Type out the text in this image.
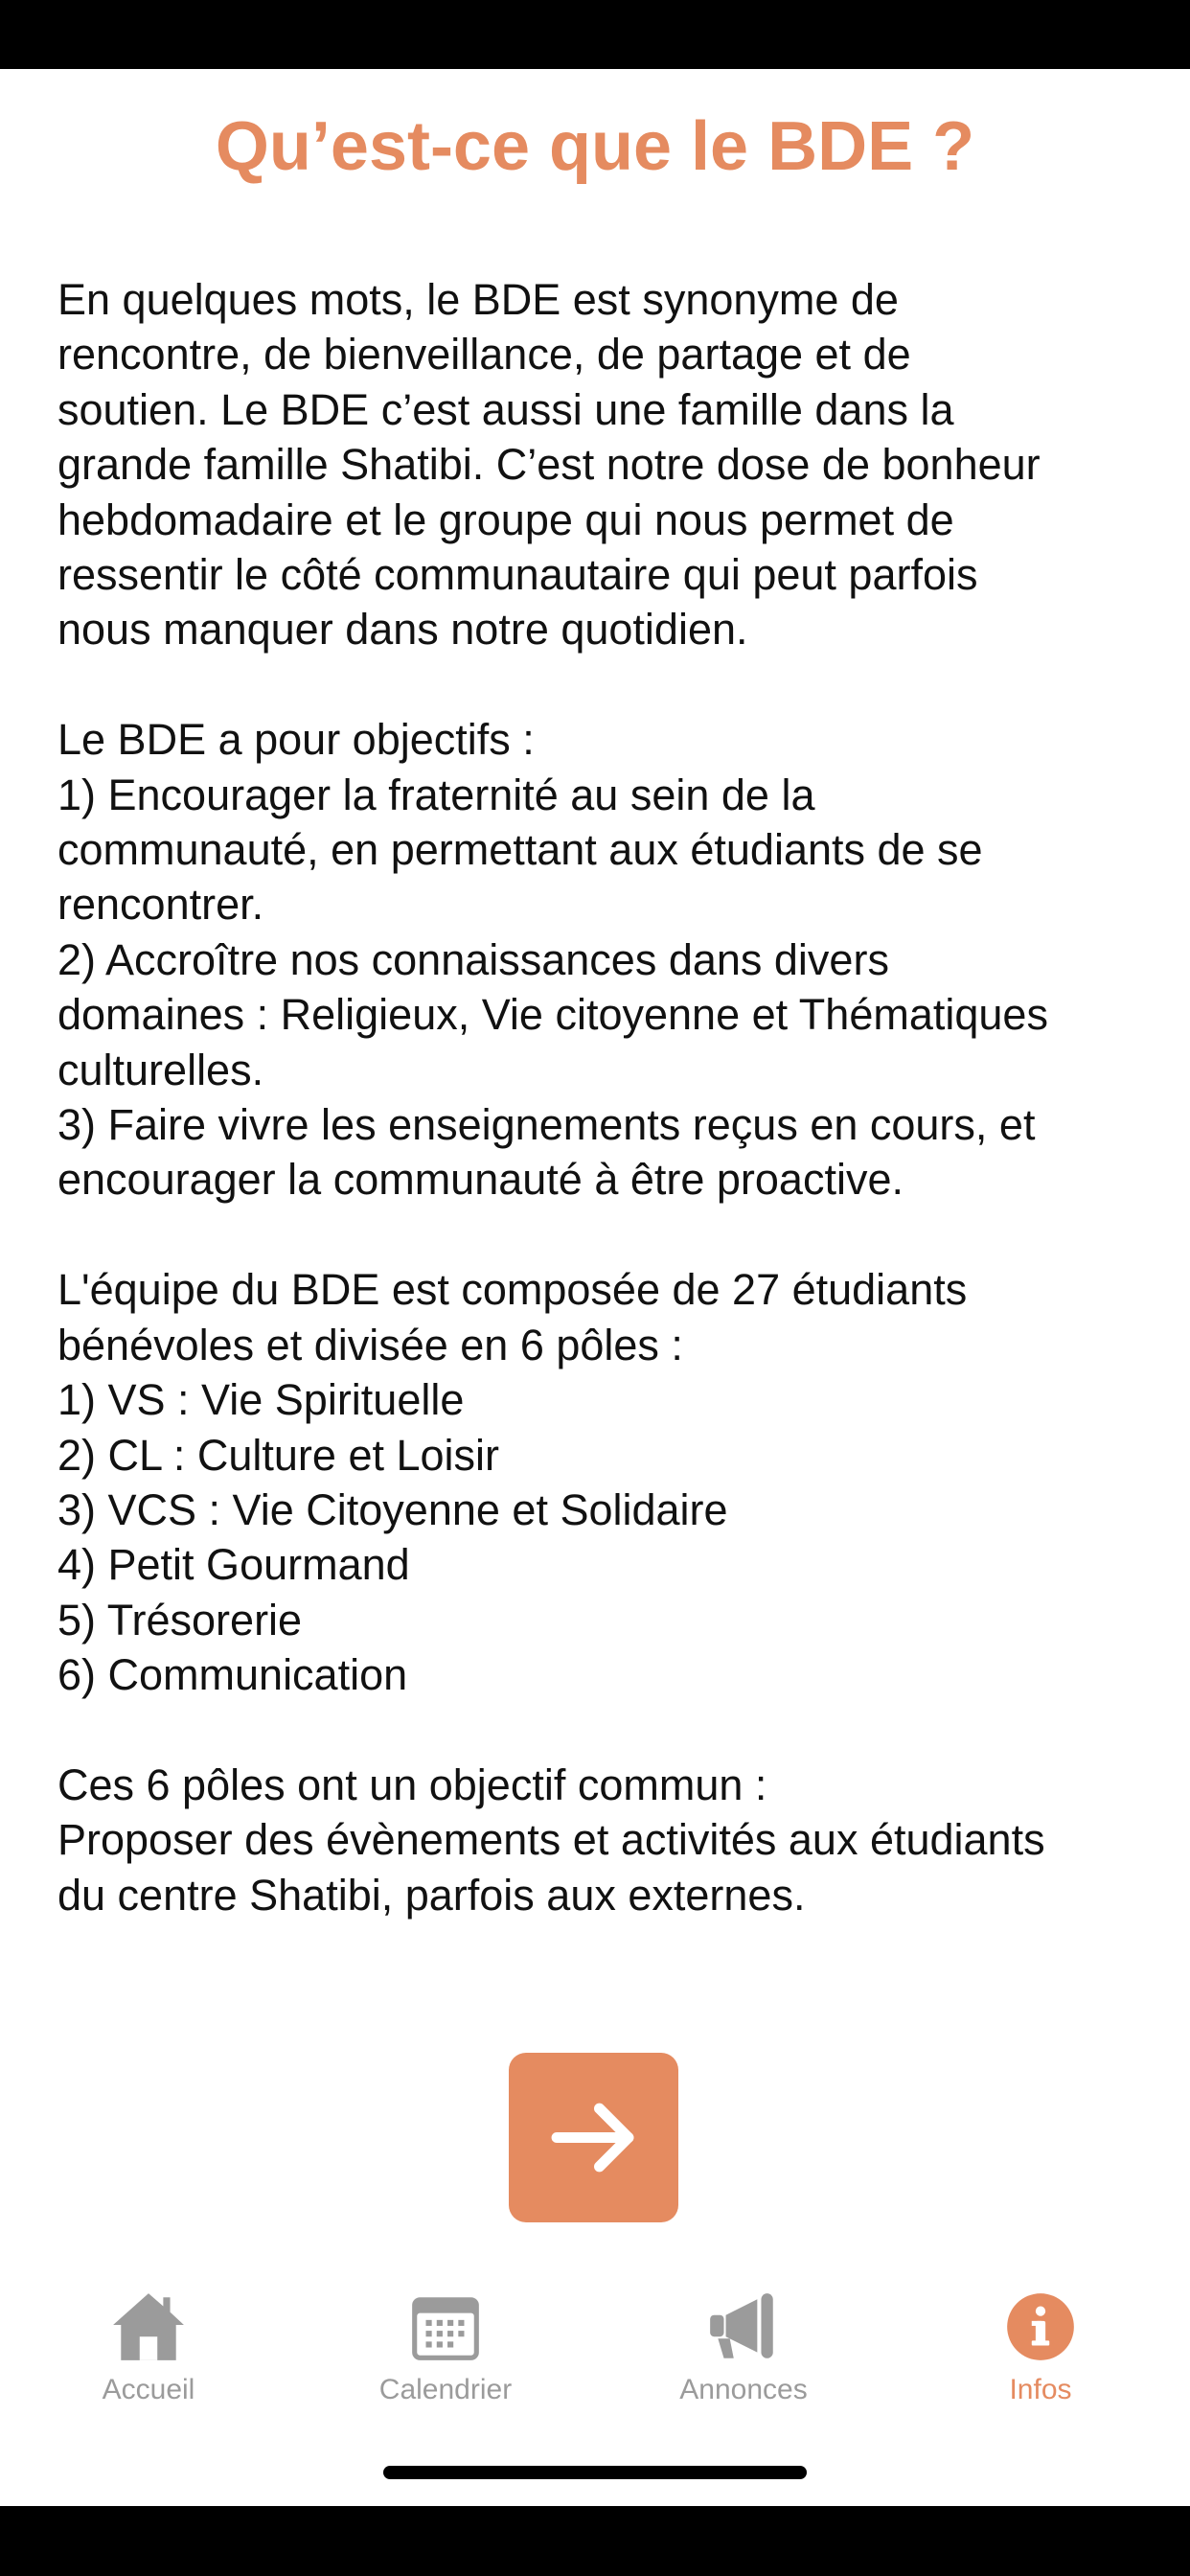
Qu’est-ce que le BDE ?

En quelques mots, le BDE est synonyme de
rencontre, de bienveillance, de partage et de
soutien. Le BDE c’est aussi une famille dans la
grande famille Shatibi. C’est notre dose de bonheur
hebdomadaire et le groupe qui nous permet de
ressentir le côté communautaire qui peut parfois
nous manquer dans notre quotidien.

Le BDE a pour objectifs :
1) Encourager la fraternité au sein de la
communauté, en permettant aux étudiants de se
rencontrer.
2) Accroître nos connaissances dans divers
domaines : Religieux, Vie citoyenne et Thématiques
culturelles.
3) Faire vivre les enseignements reçus en cours, et
encourager la communauté à être proactive.

L'équipe du BDE est composée de 27 étudiants
bénévoles et divisée en 6 pôles :
1) VS : Vie Spirituelle
2) CL : Culture et Loisir
3) VCS : Vie Citoyenne et Solidaire
4) Petit Gourmand
5) Trésorerie
6) Communication

Ces 6 pôles ont un objectif commun :
Proposer des évènements et activités aux étudiants
du centre Shatibi, parfois aux externes.

Accueil	Calendrier	Annonces	Infos
